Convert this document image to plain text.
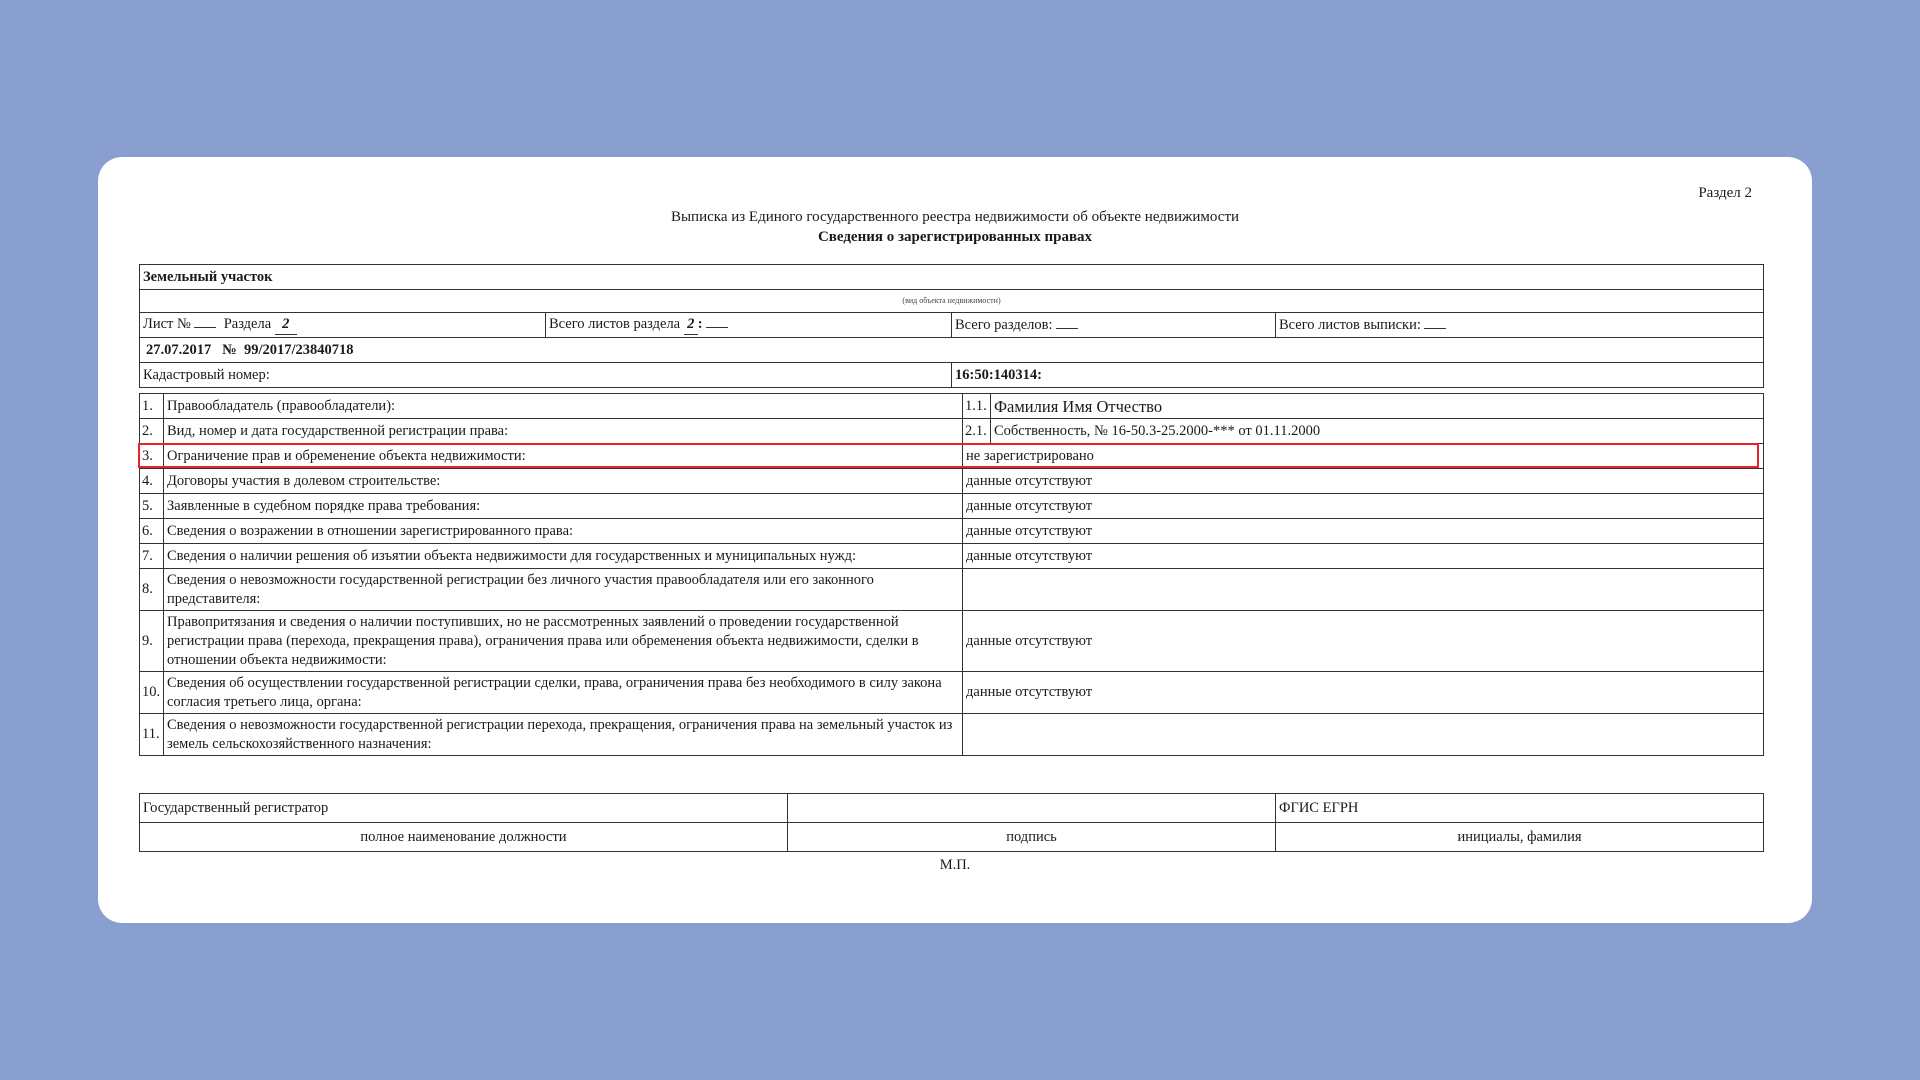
Раздел 2
Выписка из Единого государственного реестра недвижимости об объекте недвижимости
Сведения о зарегистрированных правах
Земельный участок			
(вид объекта недвижимости)			
Лист № Раздела 2	Всего листов раздела 2 :	Всего разделов:	Всего листов выписки:
27.07.2017 № 99/2017/23840718			
Кадастровый номер:		16:50:140314:	
1.	Правообладатель (правообладатели):	1.1.	Фамилия Имя Отчество
2.	Вид, номер и дата государственной регистрации права:	2.1.	Собственность, № 16-50.3-25.2000-*** от 01.11.2000
3.	Ограничение прав и обременение объекта недвижимости:	не зарегистрировано	
4.	Договоры участия в долевом строительстве:	данные отсутствуют	
5.	Заявленные в судебном порядке права требования:	данные отсутствуют	
6.	Сведения о возражении в отношении зарегистрированного права:	данные отсутствуют	
7.	Сведения о наличии решения об изъятии объекта недвижимости для государственных и муниципальных нужд:	данные отсутствуют	
8.	Сведения о невозможности государственной регистрации без личного участия правообладателя или его законного представителя:		
9.	Правопритязания и сведения о наличии поступивших, но не рассмотренных заявлений о проведении государственной регистрации права (перехода, прекращения права), ограничения права или обременения объекта недвижимости, сделки в отношении объекта недвижимости:	данные отсутствуют	
10.	Сведения об осуществлении государственной регистрации сделки, права, ограничения права без необходимого в силу закона согласия третьего лица, органа:	данные отсутствуют	
11.	Сведения о невозможности государственной регистрации перехода, прекращения, ограничения права на земельный участок из земель сельскохозяйственного назначения:		
Государственный регистратор		ФГИС ЕГРН
полное наименование должности	подпись	инициалы, фамилия
М.П.
